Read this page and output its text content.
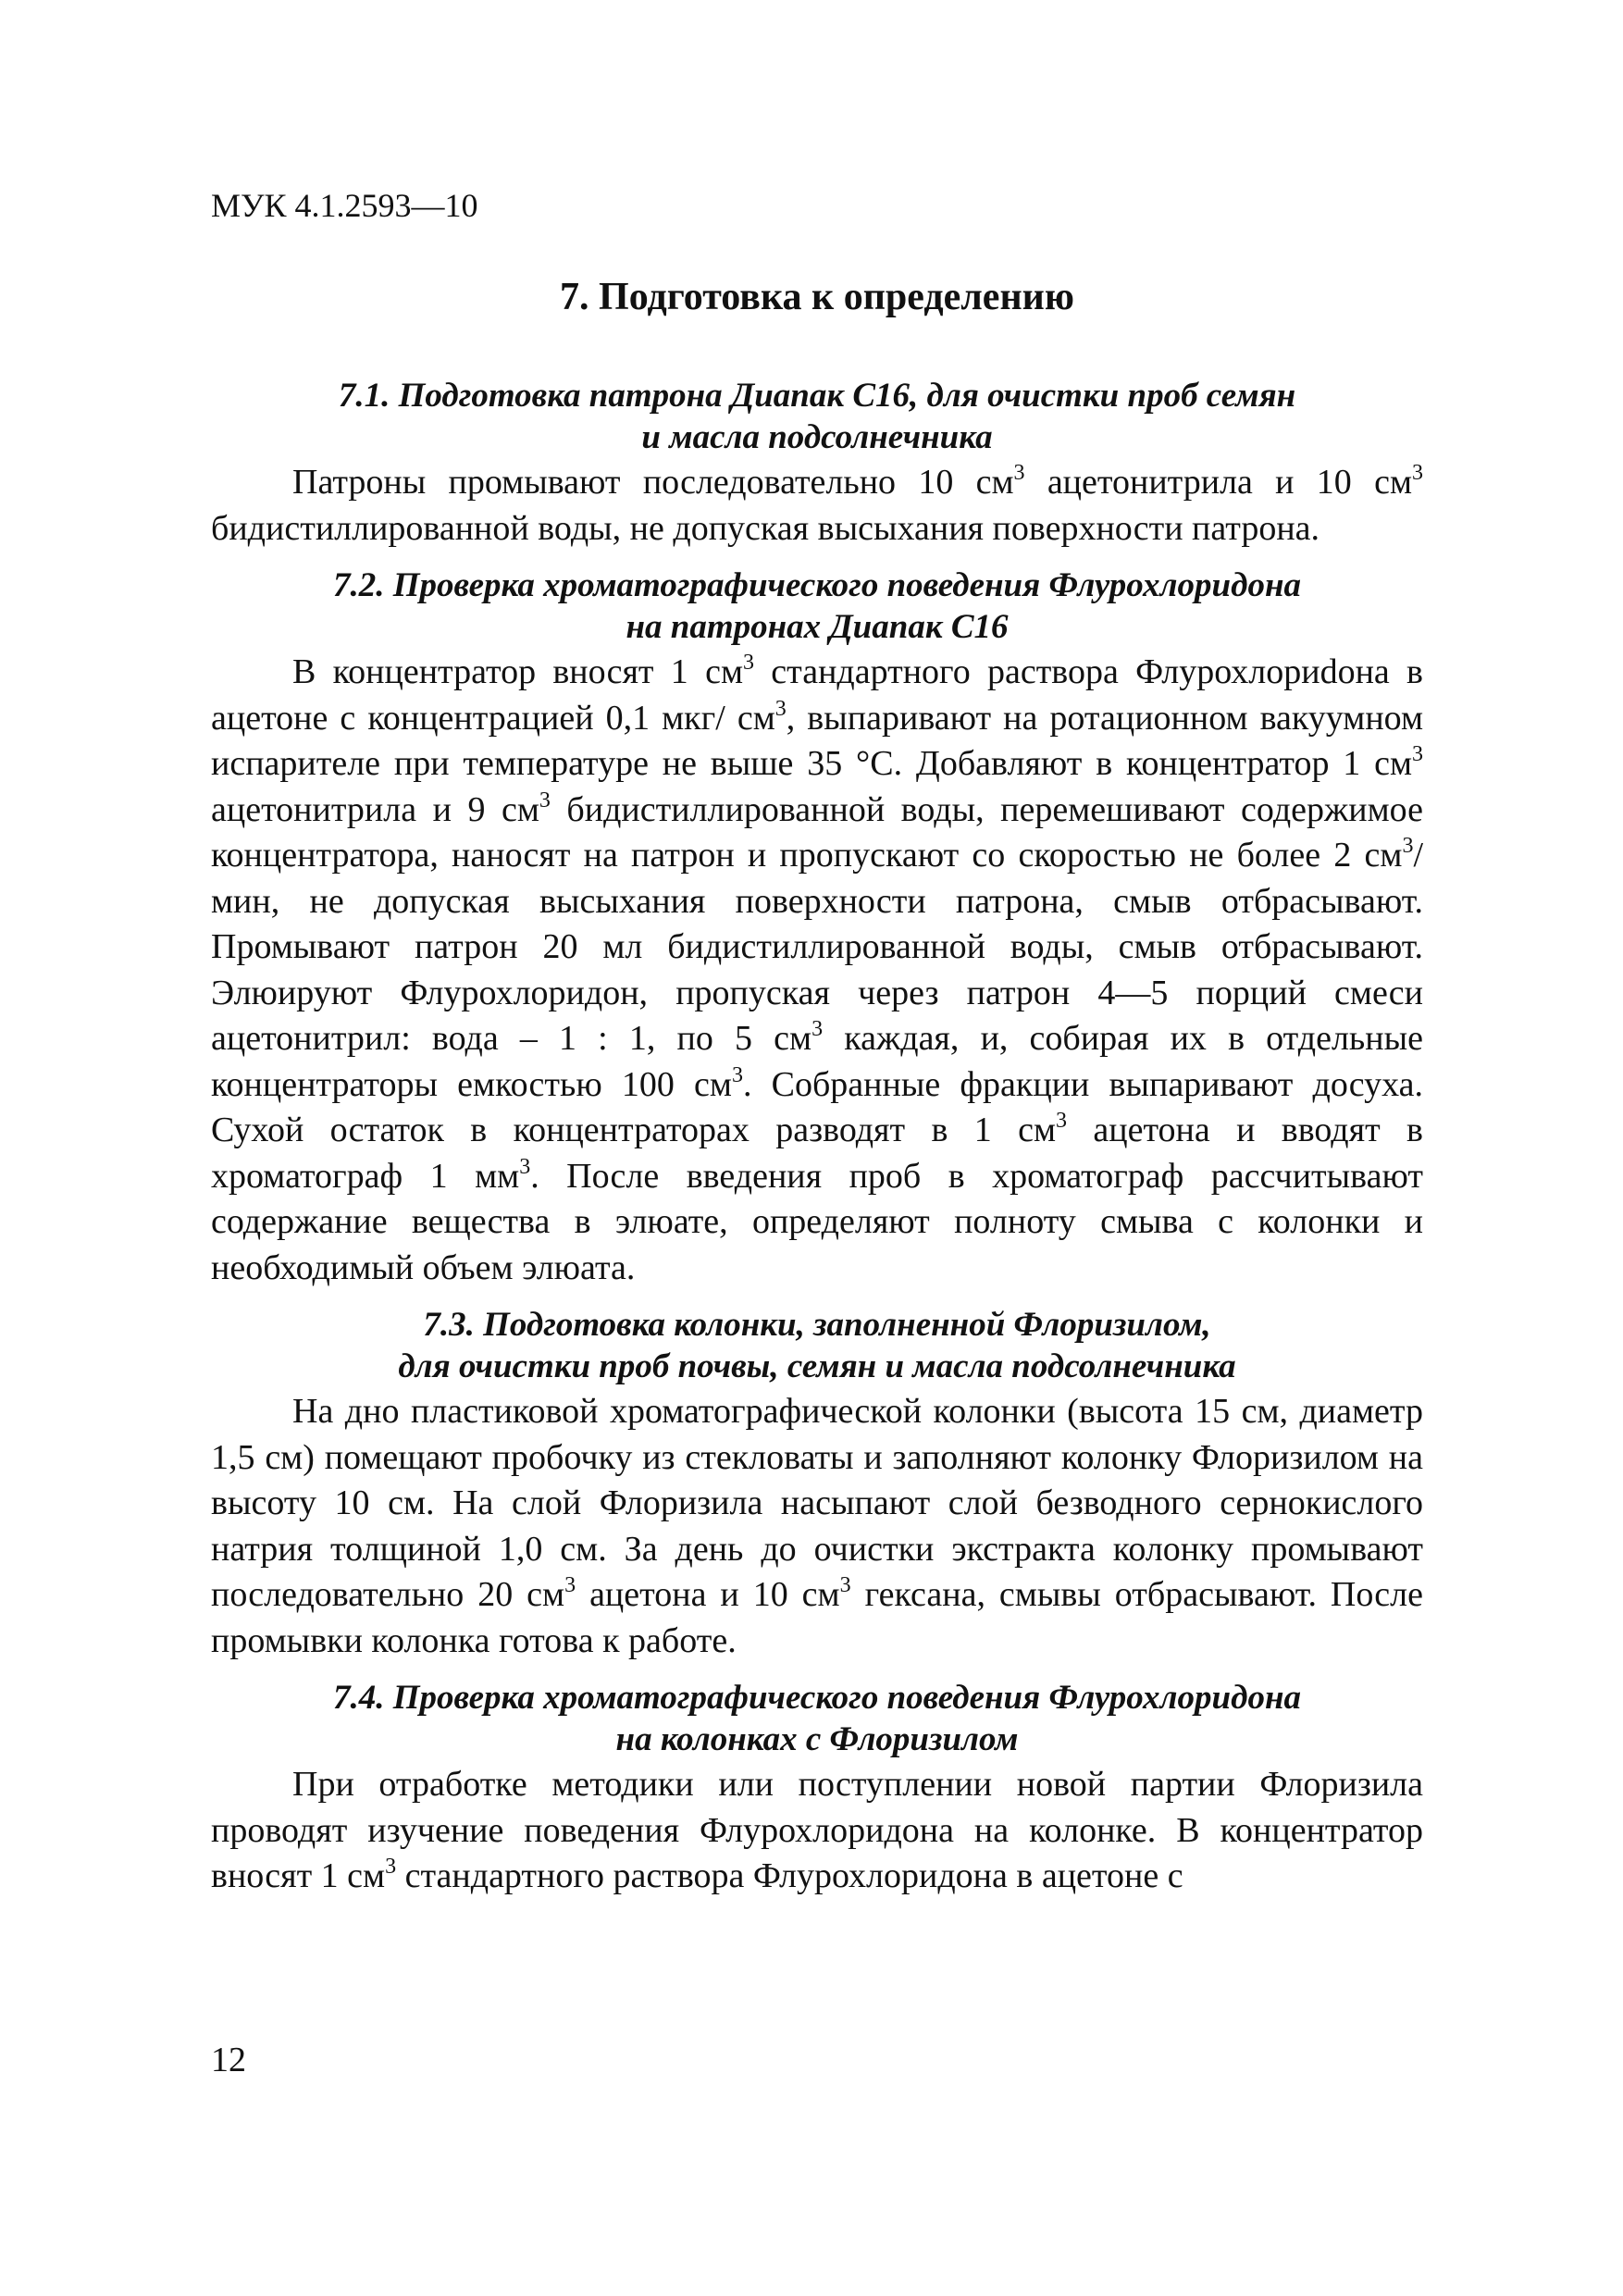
МУК 4.1.2593—10
7. Подготовка к определению

7.1. Подготовка патрона Диапак С16, для очистки проб семян
и масла подсолнечника

Патроны промывают последовательно 10 $см^3$ ацетонитрила и 10 $см^3$ бидистиллированной воды, не допуская высыхания поверхности патрона.

7.2. Проверка хроматографического поведения Флурохлоридона
на патронах Диапак С16

В концентратор вносят 1 $см^3$ стандартного раствора Флурохлориdона в ацетоне с концентрацией 0,1 мкг/ $см^3$, выпаривают на ротационном вакуумном испарителе при температуре не выше 35 °С. Добавляют в концентратор 1 $см^3$ ацетонитрила и 9 $см^3$ бидистиллированной воды, перемешивают содержимое концентратора, наносят на патрон и пропускают со скоростью не более 2 $см^3$/мин, не допуская высыхания поверхности патрона, смыв отбрасывают. Промывают патрон 20 мл бидистиллированной воды, смыв отбрасывают. Элюируют Флурохлоридон, пропуская через патрон 4—5 порций смеси ацетонитрил: вода – 1 : 1, по 5 $см^3$ каждая, и, собирая их в отдельные концентраторы емкостью 100 $см^3$. Собранные фракции выпаривают досуха. Сухой остаток в концентраторах разводят в 1 $см^3$ ацетона и вводят в хроматограф 1 $мм^3$. После введения проб в хроматограф рассчитывают содержание вещества в элюате, определяют полноту смыва с колонки и необходимый объем элюата.

7.3. Подготовка колонки, заполненной Флоризилом,
для очистки проб почвы, семян и масла подсолнечника

На дно пластиковой хроматографической колонки (высота 15 см, диаметр 1,5 см) помещают пробочку из стекловаты и заполняют колонку Флоризилом на высоту 10 см. На слой Флоризила насыпают слой безводного сернокислого натрия толщиной 1,0 см. За день до очистки экстракта колонку промывают последовательно 20 $см^3$ ацетона и 10 $см^3$ гексана, смывы отбрасывают. После промывки колонка готова к работе.

7.4. Проверка хроматографического поведения Флурохлоридона
на колонках с Флоризилом

При отработке методики или поступлении новой партии Флоризила проводят изучение поведения Флурохлоридона на колонке. В концентратор вносят 1 $см^3$ стандартного раствора Флурохлоридона в ацетоне с

12
